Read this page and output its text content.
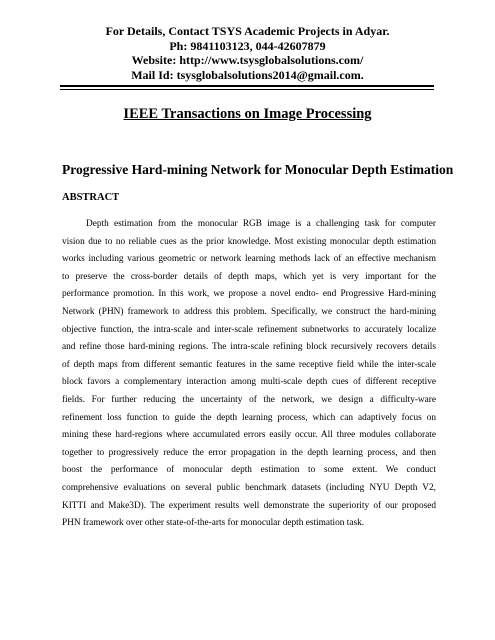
For Details, Contact TSYS Academic Projects in Adyar.
Ph: 9841103123, 044-42607879
Website: http://www.tsysglobalsolutions.com/
Mail Id: tsysglobalsolutions2014@gmail.com.
IEEE Transactions on Image Processing
Progressive Hard-mining Network for Monocular Depth Estimation
ABSTRACT
Depth estimation from the monocular RGB image is a challenging task for computer
vision due to no reliable cues as the prior knowledge. Most existing monocular depth estimation
works including various geometric or network learning methods lack of an effective mechanism
to preserve the cross-border details of depth maps, which yet is very important for the
performance promotion. In this work, we propose a novel endto- end Progressive Hard-mining
Network (PHN) framework to address this problem. Specifically, we construct the hard-mining
objective function, the intra-scale and inter-scale refinement subnetworks to accurately localize
and refine those hard-mining regions. The intra-scale refining block recursively recovers details
of depth maps from different semantic features in the same receptive field while the inter-scale
block favors a complementary interaction among multi-scale depth cues of different receptive
fields. For further reducing the uncertainty of the network, we design a difficulty-ware
refinement loss function to guide the depth learning process, which can adaptively focus on
mining these hard-regions where accumulated errors easily occur. All three modules collaborate
together to progressively reduce the error propagation in the depth learning process, and then
boost the performance of monocular depth estimation to some extent. We conduct
comprehensive evaluations on several public benchmark datasets (including NYU Depth V2,
KITTI and Make3D). The experiment results well demonstrate the superiority of our proposed
PHN framework over other state-of-the-arts for monocular depth estimation task.
